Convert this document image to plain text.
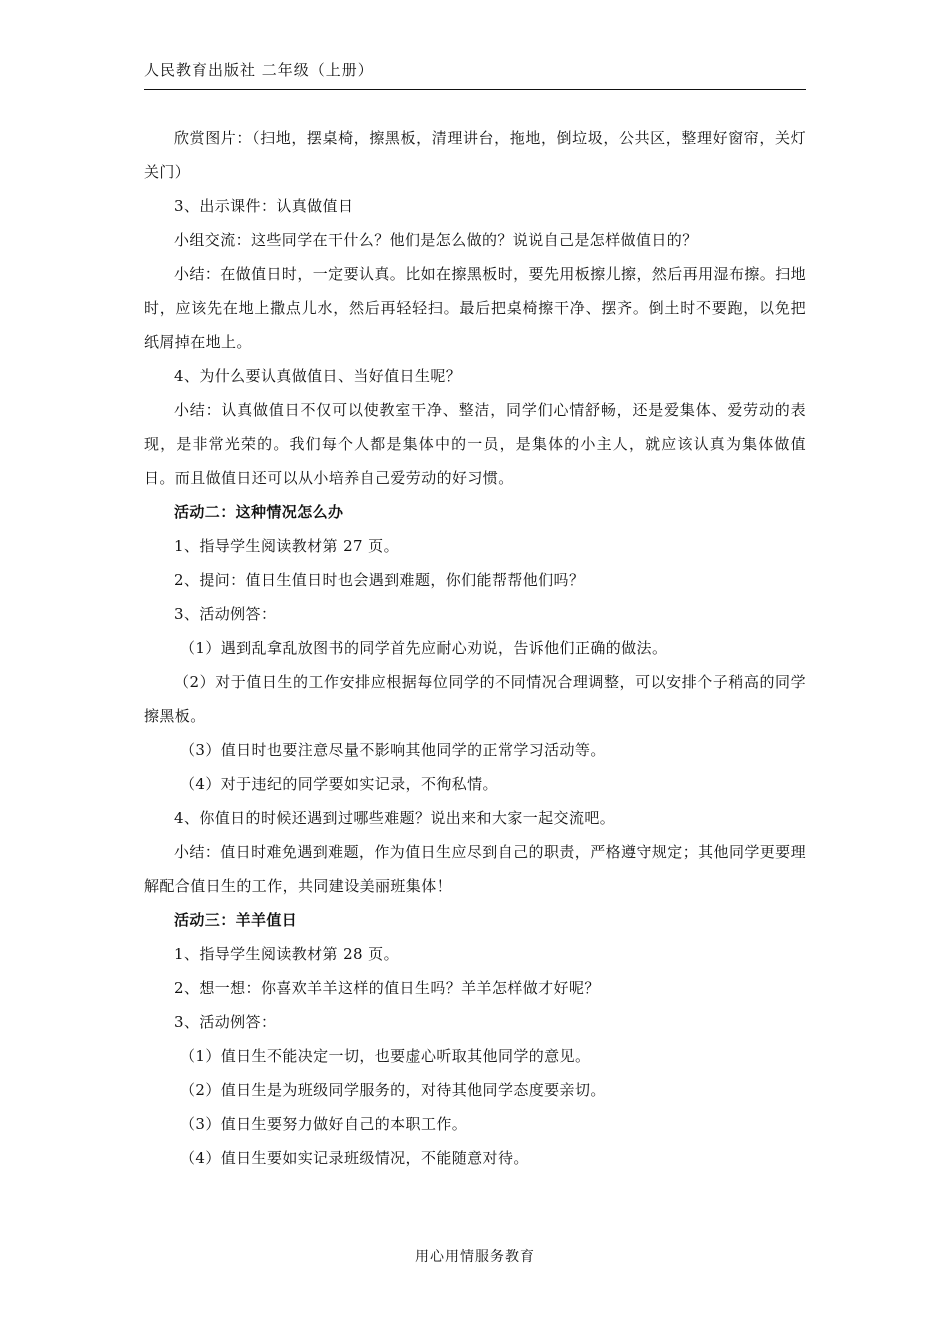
人民教育出版社 二年级（上册）

欣赏图片：（扫地，摆桌椅，擦黑板，清理讲台，拖地，倒垃圾，公共区，整理好窗帘，关灯关门）

3、出示课件：认真做值日

小组交流：这些同学在干什么？他们是怎么做的？说说自己是怎样做值日的？

小结：在做值日时，一定要认真。比如在擦黑板时，要先用板擦儿擦，然后再用湿布擦。扫地时，应该先在地上撒点儿水，然后再轻轻扫。最后把桌椅擦干净、摆齐。倒土时不要跑，以免把纸屑掉在地上。

4、为什么要认真做值日、当好值日生呢？

小结：认真做值日不仅可以使教室干净、整洁，同学们心情舒畅，还是爱集体、爱劳动的表现，是非常光荣的。我们每个人都是集体中的一员，是集体的小主人，就应该认真为集体做值日。而且做值日还可以从小培养自己爱劳动的好习惯。

活动二：这种情况怎么办

1、指导学生阅读教材第 27 页。

2、提问：值日生值日时也会遇到难题，你们能帮帮他们吗？

3、活动例答：

（1）遇到乱拿乱放图书的同学首先应耐心劝说，告诉他们正确的做法。

（2）对于值日生的工作安排应根据每位同学的不同情况合理调整，可以安排个子稍高的同学擦黑板。

（3）值日时也要注意尽量不影响其他同学的正常学习活动等。

（4）对于违纪的同学要如实记录，不徇私情。

4、你值日的时候还遇到过哪些难题？说出来和大家一起交流吧。

小结：值日时难免遇到难题，作为值日生应尽到自己的职责，严格遵守规定；其他同学更要理解配合值日生的工作，共同建设美丽班集体！

活动三：羊羊值日

1、指导学生阅读教材第 28 页。

2、想一想：你喜欢羊羊这样的值日生吗？羊羊怎样做才好呢？

3、活动例答：

（1）值日生不能决定一切，也要虚心听取其他同学的意见。

（2）值日生是为班级同学服务的，对待其他同学态度要亲切。

（3）值日生要努力做好自己的本职工作。

（4）值日生要如实记录班级情况，不能随意对待。

用心用情服务教育
